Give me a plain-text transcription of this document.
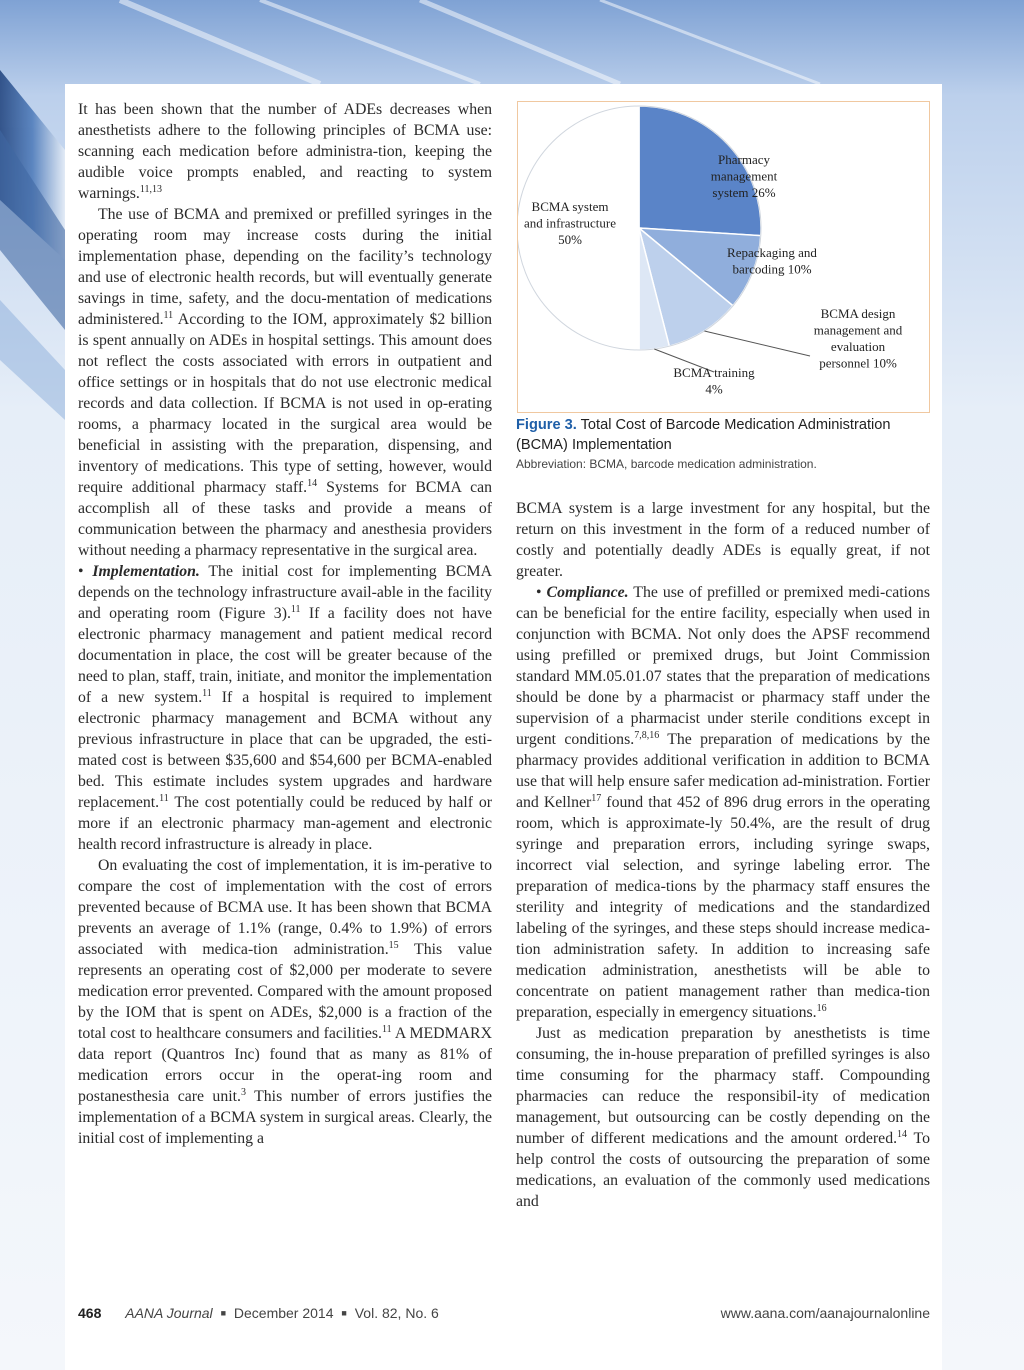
It has been shown that the number of ADEs decreases when anesthetists adhere to the following principles of BCMA use: scanning each medication before administra-tion, keeping the audible voice prompts enabled, and reacting to system warnings.$^{11,13}$

The use of BCMA and premixed or prefilled syringes in the operating room may increase costs during the initial implementation phase, depending on the facility’s technology and use of electronic health records, but will eventually generate savings in time, safety, and the docu-mentation of medications administered.$^{11}$ According to the IOM, approximately $2 billion is spent annually on ADEs in hospital settings. This amount does not reflect the costs associated with errors in outpatient and office settings or in hospitals that do not use electronic medical records and data collection. If BCMA is not used in op-erating rooms, a pharmacy located in the surgical area would be beneficial in assisting with the preparation, dispensing, and inventory of medications. This type of setting, however, would require additional pharmacy staff.$^{14}$ Systems for BCMA can accomplish all of these tasks and provide a means of communication between the pharmacy and anesthesia providers without needing a pharmacy representative in the surgical area.

• Implementation. The initial cost for implementing BCMA depends on the technology infrastructure avail-able in the facility and operating room (Figure 3).$^{11}$ If a facility does not have electronic pharmacy management and patient medical record documentation in place, the cost will be greater because of the need to plan, staff, train, initiate, and monitor the implementation of a new system.$^{11}$ If a hospital is required to implement electronic pharmacy management and BCMA without any previous infrastructure in place that can be upgraded, the esti-mated cost is between $35,600 and $54,600 per BCMA-enabled bed. This estimate includes system upgrades and hardware replacement.$^{11}$ The cost potentially could be reduced by half or more if an electronic pharmacy man-agement and electronic health record infrastructure is already in place.

On evaluating the cost of implementation, it is im-perative to compare the cost of implementation with the cost of errors prevented because of BCMA use. It has been shown that BCMA prevents an average of 1.1% (range, 0.4% to 1.9%) of errors associated with medica-tion administration.$^{15}$ This value represents an operating cost of $2,000 per moderate to severe medication error prevented. Compared with the amount proposed by the IOM that is spent on ADEs, $2,000 is a fraction of the total cost to healthcare consumers and facilities.$^{11}$ A MEDMARX data report (Quantros Inc) found that as many as 81% of medication errors occur in the operat-ing room and postanesthesia care unit.$^3$ This number of errors justifies the implementation of a BCMA system in surgical areas. Clearly, the initial cost of implementing a

Pharmacy management system 26%
Repackaging and barcoding 10%
BCMA design management and evaluation personnel 10%
BCMA training 4%
BCMA system and infrastructure 50%
Figure 3. Total Cost of Barcode Medication Administration (BCMA) Implementation
Abbreviation: BCMA, barcode medication administration.

BCMA system is a large investment for any hospital, but the return on this investment in the form of a reduced number of costly and potentially deadly ADEs is equally great, if not greater.

• Compliance. The use of prefilled or premixed medi-cations can be beneficial for the entire facility, especially when used in conjunction with BCMA. Not only does the APSF recommend using prefilled or premixed drugs, but Joint Commission standard MM.05.01.07 states that the preparation of medications should be done by a pharmacist or pharmacy staff under the supervision of a pharmacist under sterile conditions except in urgent conditions.$^{7,8,16}$ The preparation of medications by the pharmacy provides additional verification in addition to BCMA use that will help ensure safer medication ad-ministration. Fortier and Kellner$^{17}$ found that 452 of 896 drug errors in the operating room, which is approximate-ly 50.4%, are the result of drug syringe and preparation errors, including syringe swaps, incorrect vial selection, and syringe labeling error. The preparation of medica-tions by the pharmacy staff ensures the sterility and integrity of medications and the standardized labeling of the syringes, and these steps should increase medica-tion administration safety. In addition to increasing safe medication administration, anesthetists will be able to concentrate on patient management rather than medica-tion preparation, especially in emergency situations.$^{16}$

Just as medication preparation by anesthetists is time consuming, the in-house preparation of prefilled syringes is also time consuming for the pharmacy staff. Compounding pharmacies can reduce the responsibil-ity of medication management, but outsourcing can be costly depending on the number of different medications and the amount ordered.$^{14}$ To help control the costs of outsourcing the preparation of some medications, an evaluation of the commonly used medications and

468 AANA Journal ■ December 2014 ■ Vol. 82, No. 6	www.aana.com/aanajournalonline
